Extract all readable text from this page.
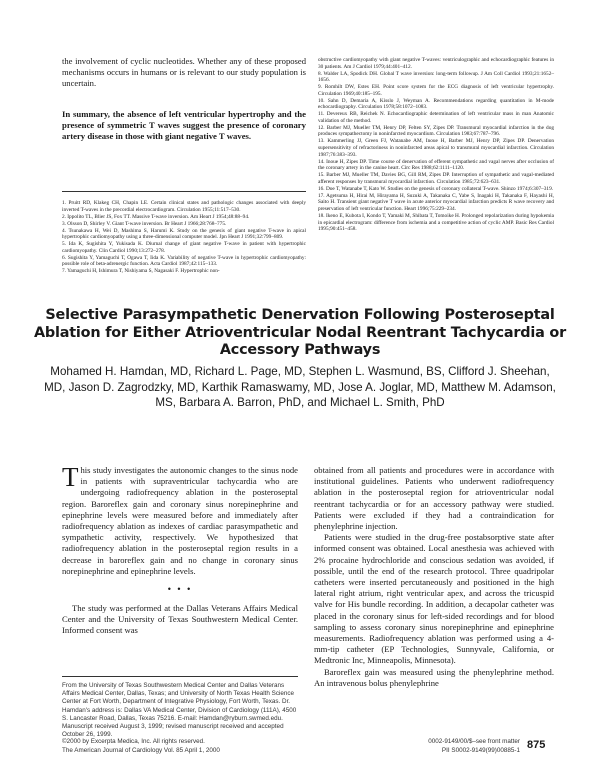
the involvement of cyclic nucleotides. Whether any of these proposed mechanisms occurs in humans or is relevant to our study population is uncertain.

In summary, the absence of left ventricular hypertrophy and the presence of symmetric T waves suggest the presence of coronary artery disease in those with giant negative T waves.

1. Pruitt RD, Klakeg CH, Chapin LE. Certain clinical states and pathologic changes associated with deeply inverted T-waves in the precordial electrocardiogram. Circulation 1955;11:517–530.
2. Ippolito TL, Blier JS, Fox TT. Massive T-wave inversion. Am Heart J 1954;48:88–94.
3. Olsson D, Shirley V. Giant T-wave inversion. Br Heart J 1966;28:768–775.
4. Tsunakawa H, Wei D, Mashima S, Harumi K. Study on the genesis of giant negative T-wave in apical hypertrophic cardiomyopathy using a three-dimensional computer model. Jpn Heart J 1991;32:799–809.
5. Ida K, Sugishita Y, Yukisada K. Diurnal change of giant negative T-wave in patient with hypertrophic cardiomyopathy. Clin Cardiol 1990;13:272–278.
6. Sugishita Y, Yamaguchi T, Ogawa T, Iida K. Variability of negative T-wave in hypertrophic cardiomyopathy: possible role of beta-adrenergic function. Acta Cardiol 1987;42:115–133.
7. Yamaguchi H, Ishimura T, Nishiyama S, Nagasaki F. Hypertrophic non-
obstructive cardiomyopathy with giant negative T-waves: ventriculographic and echocardiographic features in 30 patients. Am J Cardiol 1979;44:401–412.
8. Walder LA, Spodick DH. Global T wave inversion: long-term followup. J Am Coll Cardiol 1993;21:1652–1656.
9. Romhilt DW, Estes EH. Point score system for the ECG diagnosis of left ventricular hypertrophy. Circulation 1969;40:185–195.
10. Sahn D, Demaria A, Kisslo J, Weyman A. Recommendations regarding quantitation in M-mode echocardiography. Circulation 1978;58:1072–1083.
11. Devereux RB, Reichek N. Echocardiographic determination of left ventricular mass in man Anatomic validation of the method.
12. Barber MJ, Mueller TM, Henry DP, Felten SY, Zipes DP. Transmural myocardial infarction in the dog produces sympathectomy in noninfarcted myocardium. Circulation 1983;67:787–796.
13. Kammerling JJ, Green FJ, Watanabe AM, Inoue H, Barber MJ, Henry DP, Zipes DP. Denervation supersensitivity of refractoriness in noninfarcted areas apical to transmural myocardial infarction. Circulation 1987;76:383–393.
14. Inoue H, Zipes DP. Time course of denervation of efferent sympathetic and vagal nerves after occlusion of the coronary artery in the canine heart. Circ Res 1988;62:1111–1120.
15. Barber MJ, Mueller TM, Davies BG, Gill RM, Zipes DP. Interruption of sympathetic and vagal-mediated afferent responses by transmural myocardial infarction. Circulation 1985;72:623–631.
16. Doe T, Watanabe T, Kato W. Studies on the genesis of coronary collateral T-wave. Shinzo 1974;6:307–319.
17. Agetsuma H, Hirai M, Hirayama H, Suzuki A, Takanaka C, Yabe S, Inagaki H, Takanaka F, Hayashi H, Saito H. Transient giant negative T wave in acute anterior myocardial infarction predicts R wave recovery and preservation of left ventricular function. Heart 1996;75:229–234.
18. Ikeno E, Kubota I, Kondo T, Yamaki M, Shibata T, Tomoike H. Prolonged repolarization during hypokemia in epicardial electrogram: difference from ischemia and a competitive action of cyclic AMP. Basic Res Cardiol 1995;90:451–458.
Selective Parasympathetic Denervation Following Posteroseptal Ablation for Either Atrioventricular Nodal Reentrant Tachycardia or Accessory Pathways
Mohamed H. Hamdan, MD, Richard L. Page, MD, Stephen L. Wasmund, BS, Clifford J. Sheehan, MD, Jason D. Zagrodzky, MD, Karthik Ramaswamy, MD, Jose A. Joglar, MD, Matthew M. Adamson, MS, Barbara A. Barron, PhD, and Michael L. Smith, PhD

This study investigates the autonomic changes to the sinus node in patients with supraventricular tachycardia who are undergoing radiofrequency ablation in the posteroseptal region. Baroreflex gain and coronary sinus norepinephrine and epinephrine levels were measured before and immediately after radiofrequency ablation as indexes of cardiac parasympathetic and sympathetic activity, respectively. We hypothesized that radiofrequency ablation in the posteroseptal region results in a decrease in baroreflex gain and no change in coronary sinus norepinephrine and epinephrine levels.

• • •

The study was performed at the Dallas Veterans Affairs Medical Center and the University of Texas Southwestern Medical Center. Informed consent was

From the University of Texas Southwestern Medical Center and Dallas Veterans Affairs Medical Center, Dallas, Texas; and University of North Texas Health Science Center at Fort Worth, Department of Integrative Physiology, Fort Worth, Texas. Dr. Hamdan's address is: Dallas VA Medical Center, Division of Cardiology (111A), 4500 S. Lancaster Road, Dallas, Texas 75216. E-mail: Hamdan@ryburn.swmed.edu. Manuscript received August 3, 1999; revised manuscript received and accepted October 26, 1999.

obtained from all patients and procedures were in accordance with institutional guidelines. Patients who underwent radiofrequency ablation in the posteroseptal region for atrioventricular nodal reentrant tachycardia or for an accessory pathway were studied. Patients were excluded if they had a contraindication for phenylephrine injection.

Patients were studied in the drug-free postabsorptive state after informed consent was obtained. Local anesthesia was achieved with 2% procaine hydrochloride and conscious sedation was avoided, if possible, until the end of the research protocol. Three quadripolar catheters were inserted percutaneously and positioned in the high lateral right atrium, right ventricular apex, and across the tricuspid valve for His bundle recording. In addition, a decapolar catheter was placed in the coronary sinus for left-sided recordings and for blood sampling to assess coronary sinus norepinephrine and epinephrine measurements. Radiofrequency ablation was performed using a 4-mm-tip catheter (EP Technologies, Sunnyvale, California, or Medtronic Inc, Minneapolis, Minnesota).

Baroreflex gain was measured using the phenylephrine method. An intravenous bolus phenylephrine

©2000 by Excerpta Medica, Inc. All rights reserved.
The American Journal of Cardiology Vol. 85 April 1, 2000
0002-9149/00/$–see front matter
PII S0002-9149(99)00885-1 875
